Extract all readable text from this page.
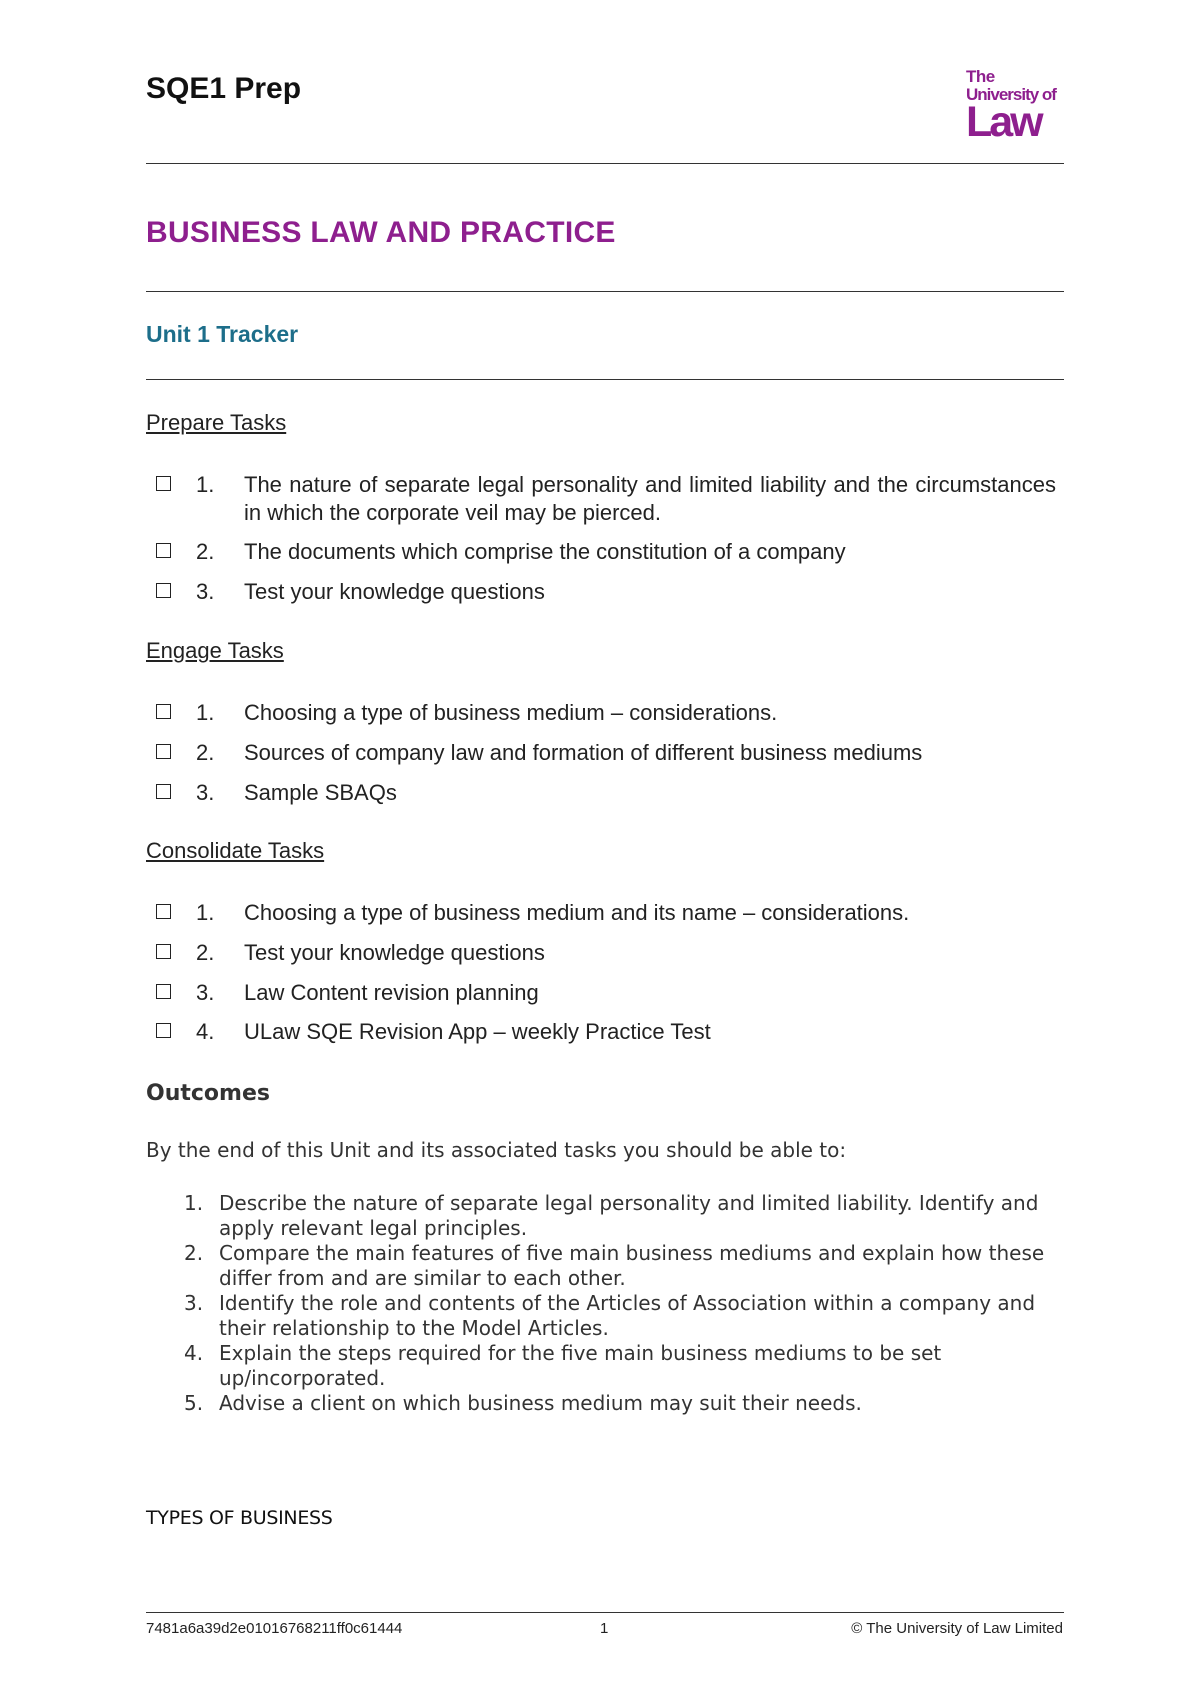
SQE1 Prep	The
University of
Law
BUSINESS LAW AND PRACTICE
Unit 1 Tracker
Prepare Tasks
1. The nature of separate legal personality and limited liability and the circumstances in which the corporate veil may be pierced.
2. The documents which comprise the constitution of a company
3. Test your knowledge questions
Engage Tasks
1. Choosing a type of business medium – considerations.
2. Sources of company law and formation of different business mediums
3. Sample SBAQs
Consolidate Tasks
1. Choosing a type of business medium and its name – considerations.
2. Test your knowledge questions
3. Law Content revision planning
4. ULaw SQE Revision App – weekly Practice Test
Outcomes
By the end of this Unit and its associated tasks you should be able to:
1. Describe the nature of separate legal personality and limited liability. Identify and apply relevant legal principles.
2. Compare the main features of five main business mediums and explain how these differ from and are similar to each other.
3. Identify the role and contents of the Articles of Association within a company and their relationship to the Model Articles.
4. Explain the steps required for the five main business mediums to be set up/incorporated.
5. Advise a client on which business medium may suit their needs.
TYPES OF BUSINESS
7481a6a39d2e01016768211ff0c61444	1	© The University of Law Limited
